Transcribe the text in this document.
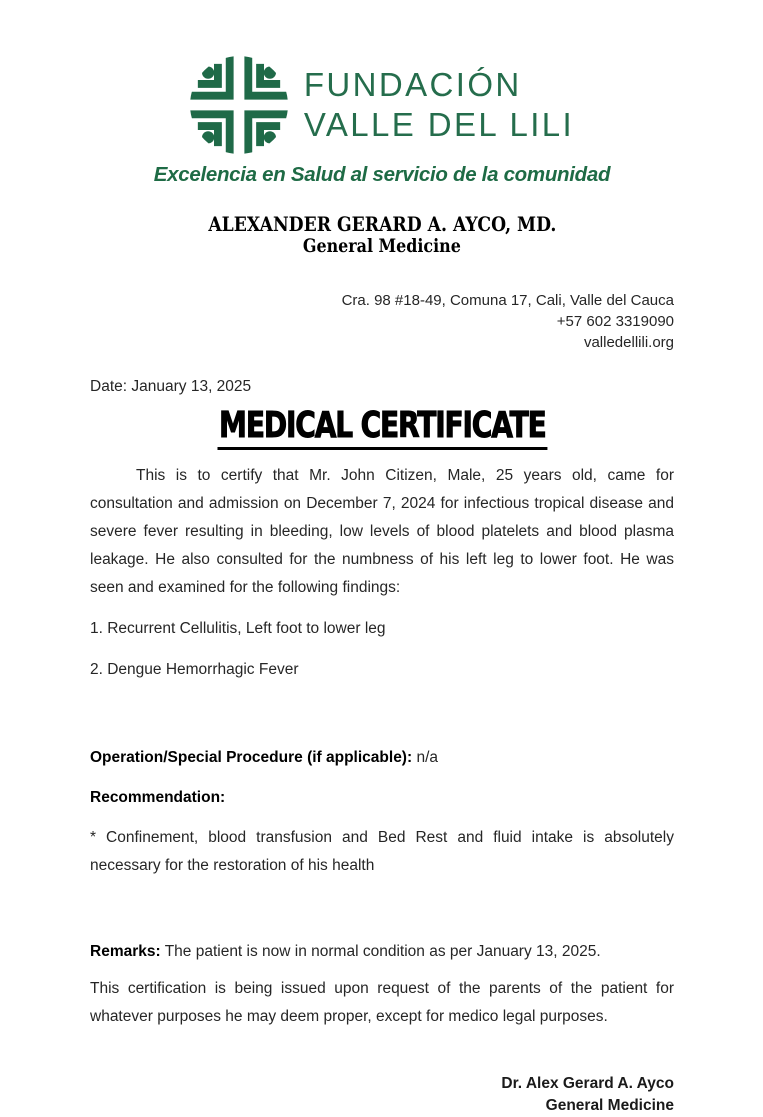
FUNDACIÓN
VALLE DEL LILI
Excelencia en Salud al servicio de la comunidad
ALEXANDER GERARD A. AYCO, MD.
General Medicine
Cra. 98 #18-49, Comuna 17, Cali, Valle del Cauca
+57 602 3319090
valledellili.org
Date: January 13, 2025
MEDICAL CERTIFICATE

This is to certify that Mr. John Citizen, Male, 25 years old, came for consultation and admission on December 7, 2024 for infectious tropical disease and severe fever resulting in bleeding, low levels of blood platelets and blood plasma leakage. He also consulted for the numbness of his left leg to lower foot. He was seen and examined for the following findings:

1. Recurrent Cellulitis, Left foot to lower leg

2. Dengue Hemorrhagic Fever

Operation/Special Procedure (if applicable): n/a

Recommendation:

* Confinement, blood transfusion and Bed Rest and fluid intake is absolutely necessary for the restoration of his health

Remarks: The patient is now in normal condition as per January 13, 2025.

This certification is being issued upon request of the parents of the patient for whatever purposes he may deem proper, except for medico legal purposes.

Dr. Alex Gerard A. Ayco
General Medicine
